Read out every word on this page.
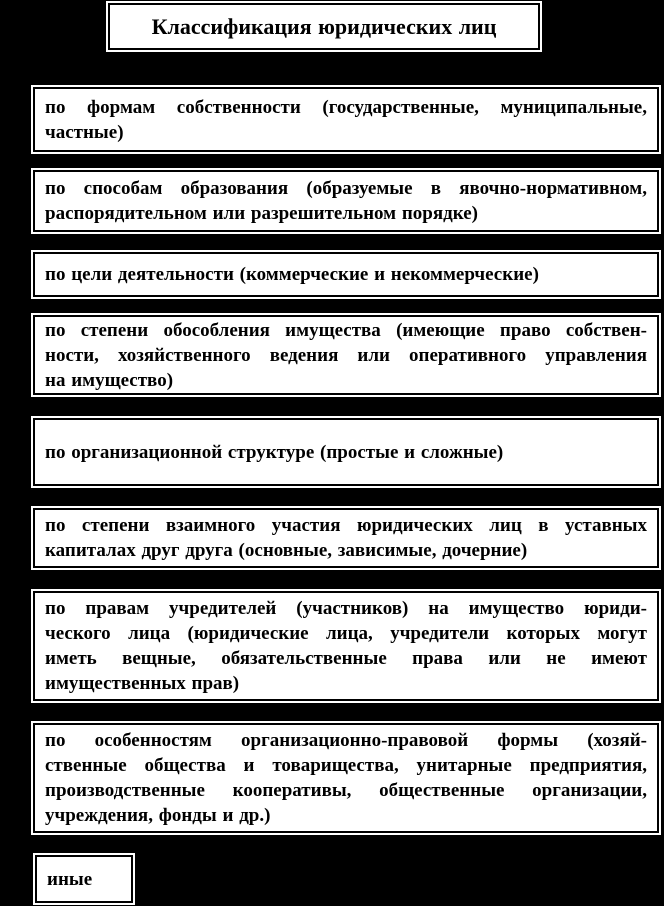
Классификация юридических лиц
по формам собственности (государственные, муниципальные,
частные)
по способам образования (образуемые в явочно-нормативном,
распорядительном или разрешительном порядке)
по цели деятельности (коммерческие и некоммерческие)
по степени обособления имущества (имеющие право собствен-
ности, хозяйственного ведения или оперативного управления
на имущество)
по организационной структуре (простые и сложные)
по степени взаимного участия юридических лиц в уставных
капиталах друг друга (основные, зависимые, дочерние)
по правам учредителей (участников) на имущество юриди-
ческого лица (юридические лица, учредители которых могут
иметь вещные, обязательственные права или не имеют
имущественных прав)
по особенностям организационно-правовой формы (хозяй-
ственные общества и товарищества, унитарные предприятия,
производственные кооперативы, общественные организации,
учреждения, фонды и др.)
иные
